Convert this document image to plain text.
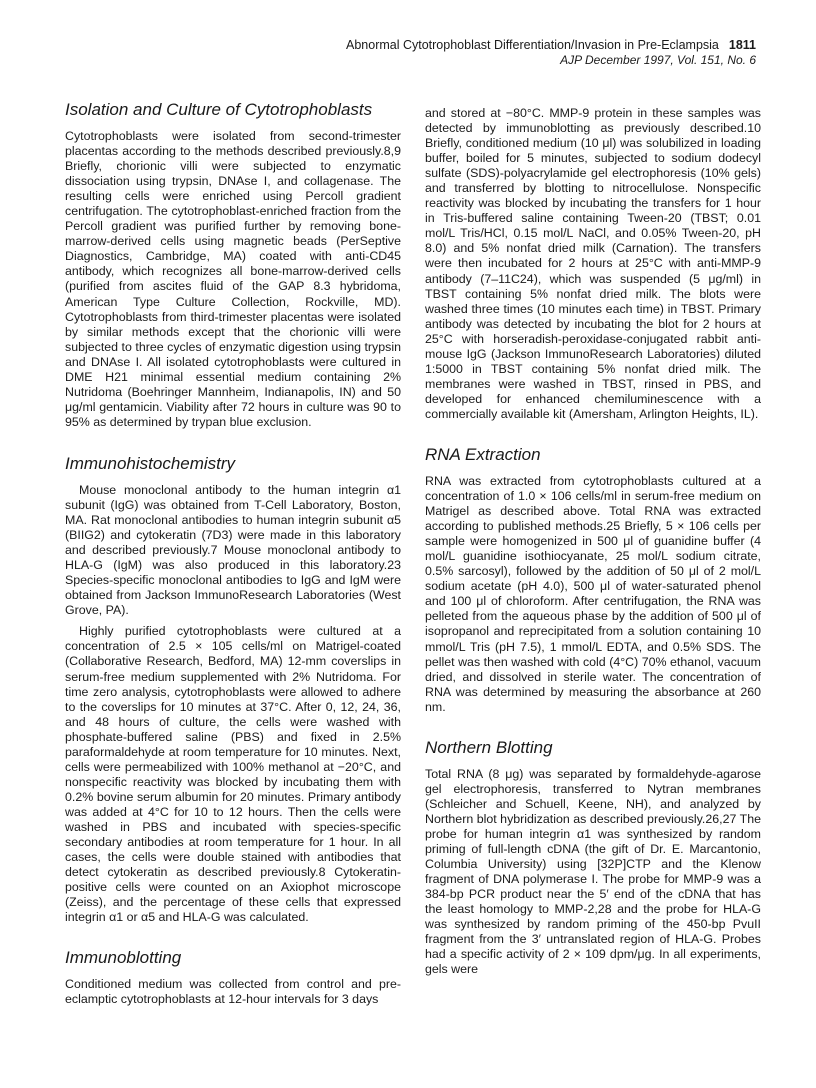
Abnormal Cytotrophoblast Differentiation/Invasion in Pre-Eclampsia 1811
AJP December 1997, Vol. 151, No. 6
Isolation and Culture of Cytotrophoblasts

Cytotrophoblasts were isolated from second-trimester placentas according to the methods described previously.8,9 Briefly, chorionic villi were subjected to enzymatic dissociation using trypsin, DNAse I, and collagenase. The resulting cells were enriched using Percoll gradient centrifugation. The cytotrophoblast-enriched fraction from the Percoll gradient was purified further by removing bone-marrow-derived cells using magnetic beads (PerSeptive Diagnostics, Cambridge, MA) coated with anti-CD45 antibody, which recognizes all bone-marrow-derived cells (purified from ascites fluid of the GAP 8.3 hybridoma, American Type Culture Collection, Rockville, MD). Cytotrophoblasts from third-trimester placentas were isolated by similar methods except that the chorionic villi were subjected to three cycles of enzymatic digestion using trypsin and DNAse I. All isolated cytotrophoblasts were cultured in DME H21 minimal essential medium containing 2% Nutridoma (Boehringer Mannheim, Indianapolis, IN) and 50 μg/ml gentamicin. Viability after 72 hours in culture was 90 to 95% as determined by trypan blue exclusion.

Immunohistochemistry

Mouse monoclonal antibody to the human integrin α1 subunit (IgG) was obtained from T-Cell Laboratory, Boston, MA. Rat monoclonal antibodies to human integrin subunit α5 (BIIG2) and cytokeratin (7D3) were made in this laboratory and described previously.7 Mouse monoclonal antibody to HLA-G (IgM) was also produced in this laboratory.23 Species-specific monoclonal antibodies to IgG and IgM were obtained from Jackson ImmunoResearch Laboratories (West Grove, PA).

Highly purified cytotrophoblasts were cultured at a concentration of 2.5 × 105 cells/ml on Matrigel-coated (Collaborative Research, Bedford, MA) 12-mm coverslips in serum-free medium supplemented with 2% Nutridoma. For time zero analysis, cytotrophoblasts were allowed to adhere to the coverslips for 10 minutes at 37°C. After 0, 12, 24, 36, and 48 hours of culture, the cells were washed with phosphate-buffered saline (PBS) and fixed in 2.5% paraformaldehyde at room temperature for 10 minutes. Next, cells were permeabilized with 100% methanol at −20°C, and nonspecific reactivity was blocked by incubating them with 0.2% bovine serum albumin for 20 minutes. Primary antibody was added at 4°C for 10 to 12 hours. Then the cells were washed in PBS and incubated with species-specific secondary antibodies at room temperature for 1 hour. In all cases, the cells were double stained with antibodies that detect cytokeratin as described previously.8 Cytokeratin-positive cells were counted on an Axiophot microscope (Zeiss), and the percentage of these cells that expressed integrin α1 or α5 and HLA-G was calculated.

Immunoblotting

Conditioned medium was collected from control and pre-eclamptic cytotrophoblasts at 12-hour intervals for 3 days

and stored at −80°C. MMP-9 protein in these samples was detected by immunoblotting as previously described.10 Briefly, conditioned medium (10 μl) was solubilized in loading buffer, boiled for 5 minutes, subjected to sodium dodecyl sulfate (SDS)-polyacrylamide gel electrophoresis (10% gels) and transferred by blotting to nitrocellulose. Nonspecific reactivity was blocked by incubating the transfers for 1 hour in Tris-buffered saline containing Tween-20 (TBST; 0.01 mol/L Tris/HCl, 0.15 mol/L NaCl, and 0.05% Tween-20, pH 8.0) and 5% nonfat dried milk (Carnation). The transfers were then incubated for 2 hours at 25°C with anti-MMP-9 antibody (7–11C24), which was suspended (5 μg/ml) in TBST containing 5% nonfat dried milk. The blots were washed three times (10 minutes each time) in TBST. Primary antibody was detected by incubating the blot for 2 hours at 25°C with horseradish-peroxidase-conjugated rabbit anti-mouse IgG (Jackson ImmunoResearch Laboratories) diluted 1:5000 in TBST containing 5% nonfat dried milk. The membranes were washed in TBST, rinsed in PBS, and developed for enhanced chemiluminescence with a commercially available kit (Amersham, Arlington Heights, IL).

RNA Extraction

RNA was extracted from cytotrophoblasts cultured at a concentration of 1.0 × 106 cells/ml in serum-free medium on Matrigel as described above. Total RNA was extracted according to published methods.25 Briefly, 5 × 106 cells per sample were homogenized in 500 μl of guanidine buffer (4 mol/L guanidine isothiocyanate, 25 mol/L sodium citrate, 0.5% sarcosyl), followed by the addition of 50 μl of 2 mol/L sodium acetate (pH 4.0), 500 μl of water-saturated phenol and 100 μl of chloroform. After centrifugation, the RNA was pelleted from the aqueous phase by the addition of 500 μl of isopropanol and reprecipitated from a solution containing 10 mmol/L Tris (pH 7.5), 1 mmol/L EDTA, and 0.5% SDS. The pellet was then washed with cold (4°C) 70% ethanol, vacuum dried, and dissolved in sterile water. The concentration of RNA was determined by measuring the absorbance at 260 nm.

Northern Blotting

Total RNA (8 μg) was separated by formaldehyde-agarose gel electrophoresis, transferred to Nytran membranes (Schleicher and Schuell, Keene, NH), and analyzed by Northern blot hybridization as described previously.26,27 The probe for human integrin α1 was synthesized by random priming of full-length cDNA (the gift of Dr. E. Marcantonio, Columbia University) using [32P]CTP and the Klenow fragment of DNA polymerase I. The probe for MMP-9 was a 384-bp PCR product near the 5′ end of the cDNA that has the least homology to MMP-2,28 and the probe for HLA-G was synthesized by random priming of the 450-bp PvuII fragment from the 3′ untranslated region of HLA-G. Probes had a specific activity of 2 × 109 dpm/μg. In all experiments, gels were
